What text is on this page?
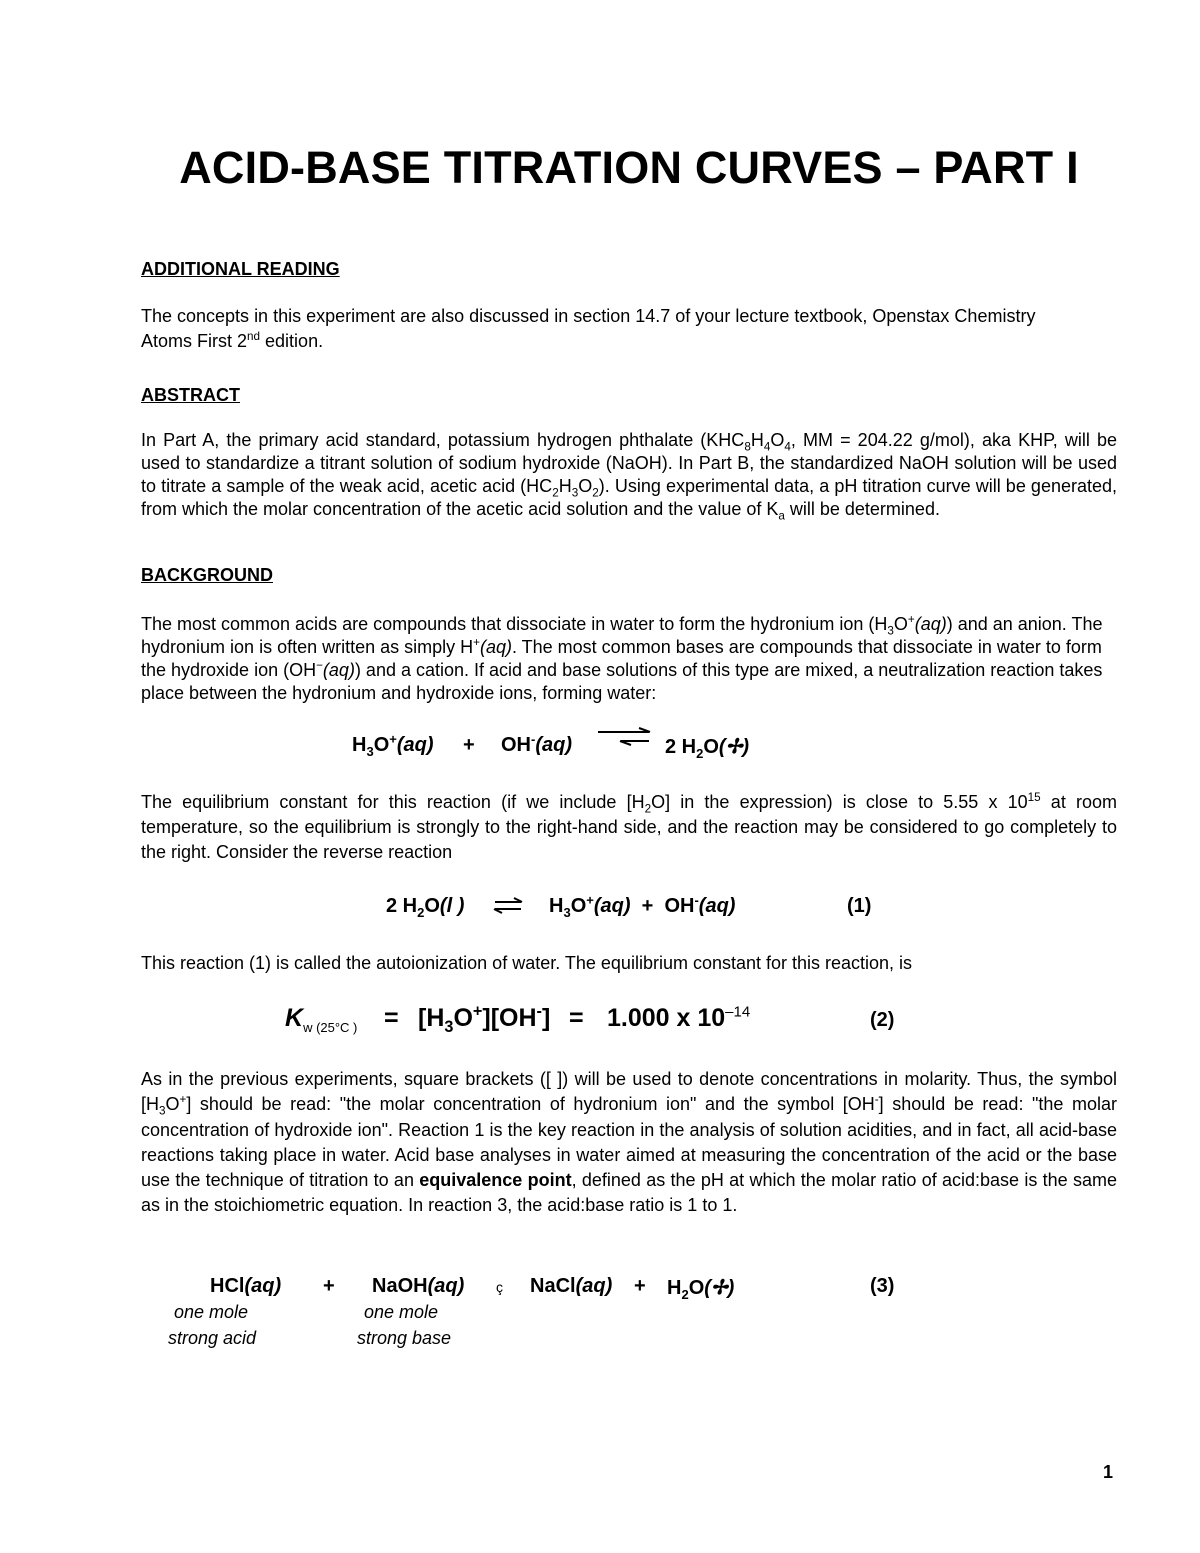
ACID-BASE TITRATION CURVES – PART I
ADDITIONAL READING
The concepts in this experiment are also discussed in section 14.7 of your lecture textbook, Openstax Chemistry Atoms First 2nd edition.
ABSTRACT
In Part A, the primary acid standard, potassium hydrogen phthalate ($KHC_8H_4O_4$, MM = 204.22 g/mol), aka KHP, will be used to standardize a titrant solution of sodium hydroxide (NaOH). In Part B, the standardized NaOH solution will be used to titrate a sample of the weak acid, acetic acid $(HC_2H_3O_2)$. Using experimental data, a pH titration curve will be generated, from which the molar concentration of the acetic acid solution and the value of $K_a$ will be determined.
BACKGROUND
The most common acids are compounds that dissociate in water to form the hydronium ion $(H_3O^+(aq))$ and an anion. The hydronium ion is often written as simply H+(aq). The most common bases are compounds that dissociate in water to form the hydroxide ion (OH−(aq)) and a cation. If acid and base solutions of this type are mixed, a neutralization reaction takes place between the hydronium and hydroxide ions, forming water:
$H_3O^+(aq) + OH^-(aq)$	2 $H_2O(✢)$
The equilibrium constant for this reaction (if we include $[H_2O]$ in the expression) is close to 5.55 x $10^{15}$ at room temperature, so the equilibrium is strongly to the right-hand side, and the reaction may be considered to go completely to the right. Consider the reverse reaction
2 $H_2O(l$ )	$H_3O^+(aq) + OH^-(aq)$	(1)
This reaction (1) is called the autoionization of water. The equilibrium constant for this reaction, is
$K_{w (25^\circ C )} = [H_3O^+][OH^-] = 1.000$ x $10^{-14}$	(2)
As in the previous experiments, square brackets ([ ]) will be used to denote concentrations in molarity. Thus, the symbol $[H_3O^+]$ should be read: "the molar concentration of hydronium ion" and the symbol [OH-] should be read: "the molar concentration of hydroxide ion". Reaction 1 is the key reaction in the analysis of solution acidities, and in fact, all acid-base reactions taking place in water. Acid base analyses in water aimed at measuring the concentration of the acid or the base use the technique of titration to an equivalence point, defined as the pH at which the molar ratio of acid:base is the same as in the stoichiometric equation. In reaction 3, the acid:base ratio is 1 to 1.
HCl(aq) + NaOH(aq) ç NaCl(aq) + $H_2O(✢)$	(3)
one mole
strong acid
one mole
strong base
1
